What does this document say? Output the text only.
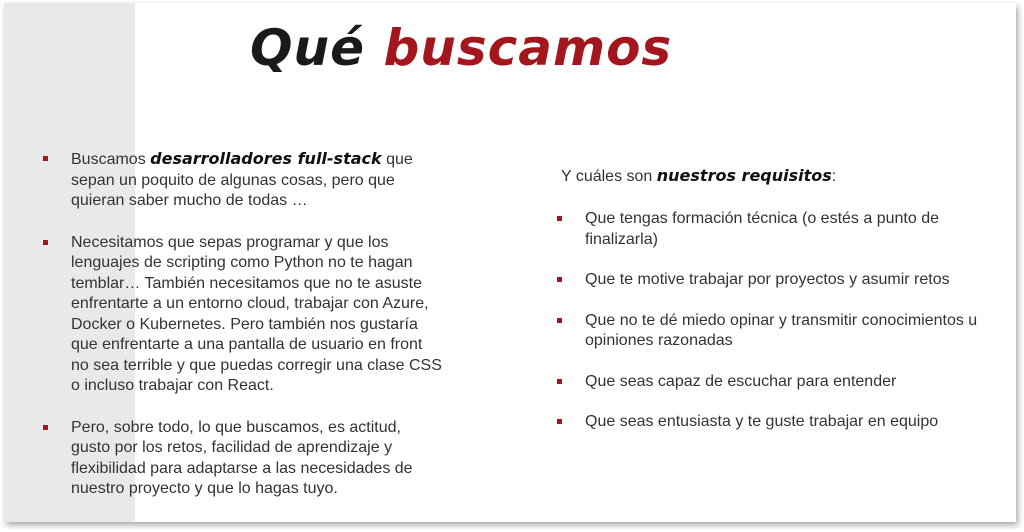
Qué buscamos
Buscamos desarrolladores full-stack que sepan un poquito de algunas cosas, pero que quieran saber mucho de todas …
Necesitamos que sepas programar y que los lenguajes de scripting como Python no te hagan temblar… También necesitamos que no te asuste enfrentarte a un entorno cloud, trabajar con Azure, Docker o Kubernetes. Pero también nos gustaría que enfrentarte a una pantalla de usuario en front no sea terrible y que puedas corregir una clase CSS o incluso trabajar con React.
Pero, sobre todo, lo que buscamos, es actitud, gusto por los retos, facilidad de aprendizaje y flexibilidad para adaptarse a las necesidades de nuestro proyecto y que lo hagas tuyo.

Y cuáles son nuestros requisitos:

Que tengas formación técnica (o estés a punto de finalizarla)
Que te motive trabajar por proyectos y asumir retos
Que no te dé miedo opinar y transmitir conocimientos u opiniones razonadas
Que seas capaz de escuchar para entender
Que seas entusiasta y te guste trabajar en equipo
